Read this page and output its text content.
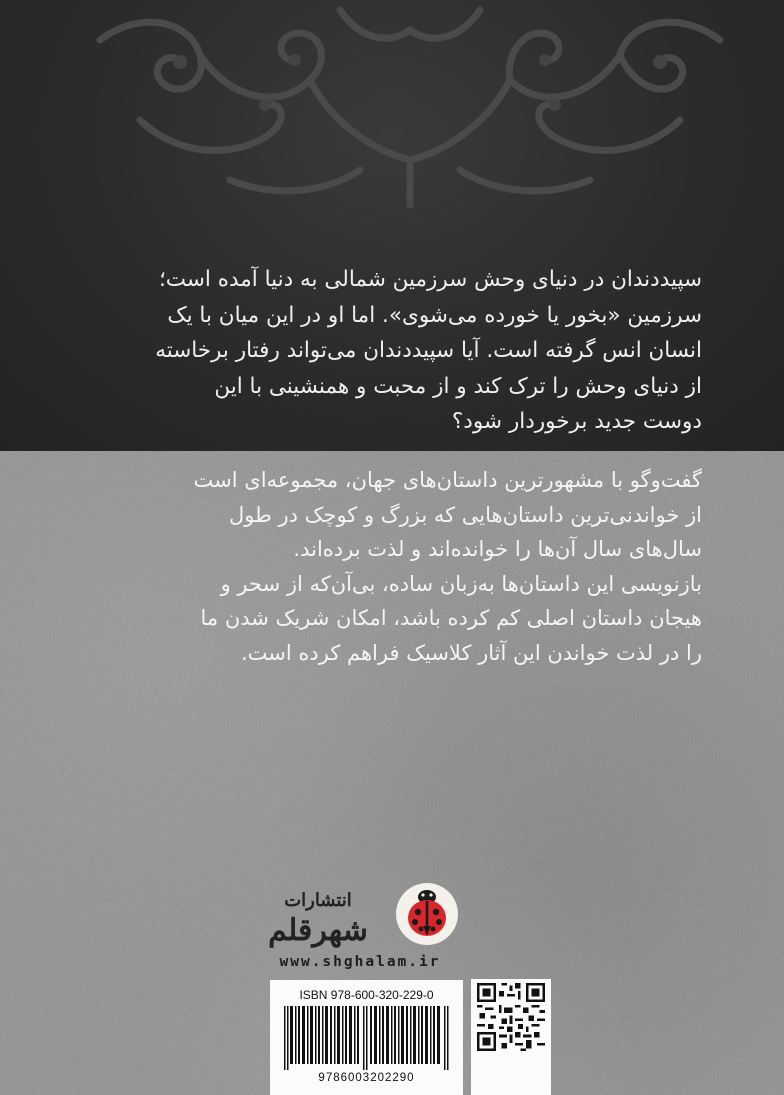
سپیددندان در دنیای وحش سرزمین شمالی به دنیا آمده است؛

سرزمین «بخور یا خورده می‌شوی». اما او در این میان با یک

انسان انس گرفته است. آیا سپیددندان می‌تواند رفتار برخاسته

از دنیای وحش را ترک کند و از محبت و همنشینی با این

دوست جدید برخوردار شود؟

گفت‌وگو با مشهورترین داستان‌های جهان، مجموعه‌ای است

از خواندنی‌ترین داستان‌هایی که بزرگ و کوچک در طول

سال‌های سال آن‌ها را خوانده‌اند و لذت برده‌اند.

بازنویسی این داستان‌ها به‌زبان ساده، بی‌آن‌که از سحر و

هیجان داستان اصلی کم کرده باشد، امکان شریک شدن ما

را در لذت خواندن این آثار کلاسیک فراهم کرده است.

انتشارات
شهرقلم
www.shghalam.ir
ISBN 978-600-320-229-0
9786003202290
